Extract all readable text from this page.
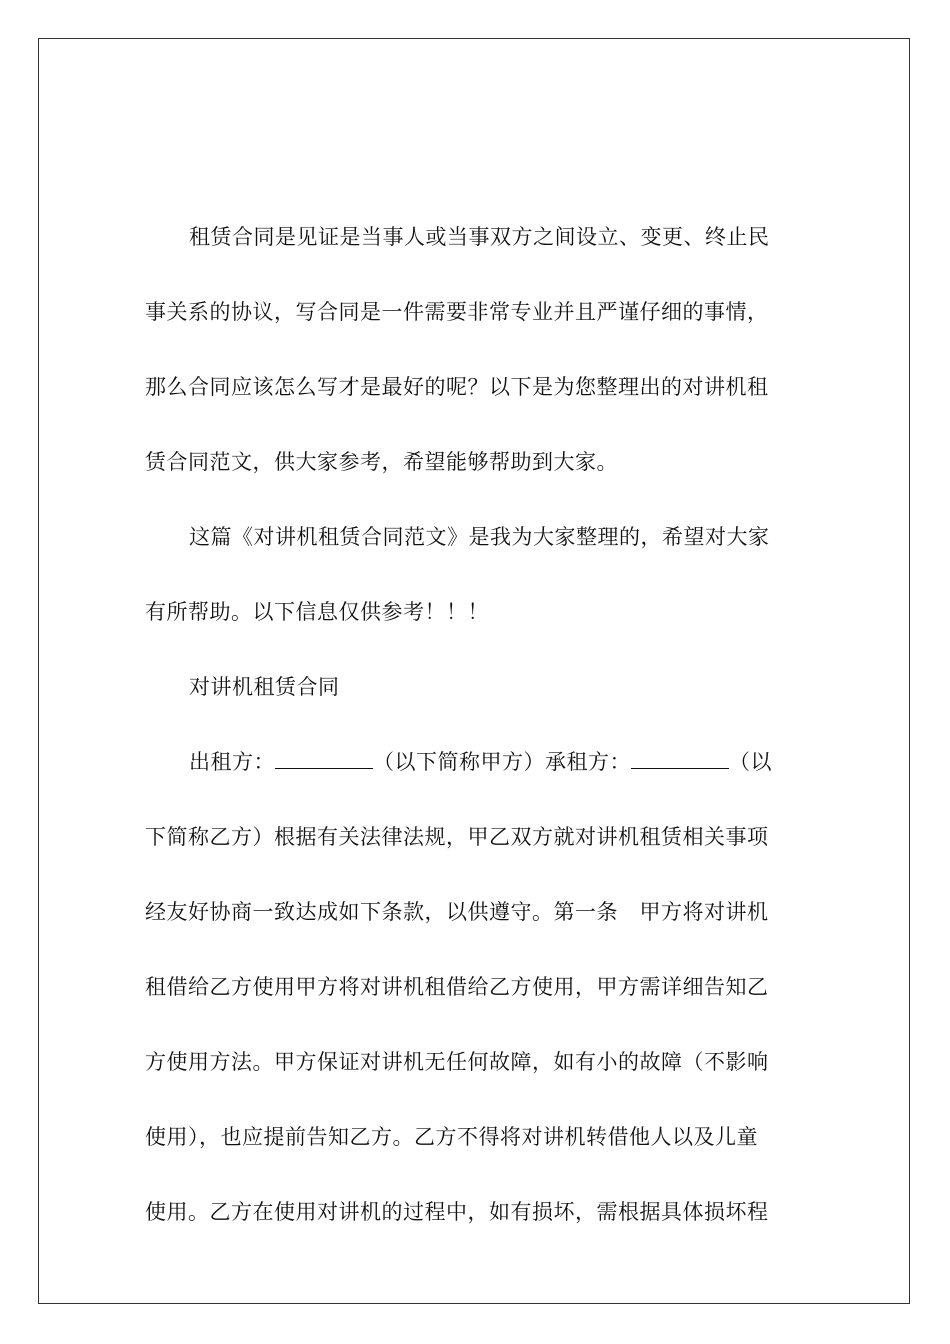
租赁合同是见证是当事人或当事双方之间设立、变更、终止民
事关系的协议，写合同是一件需要非常专业并且严谨仔细的事情，
那么合同应该怎么写才是最好的呢？以下是为您整理出的对讲机租
赁合同范文，供大家参考，希望能够帮助到大家。

这篇《对讲机租赁合同范文》是我为大家整理的，希望对大家
有所帮助。以下信息仅供参考！！！

对讲机租赁合同

出租方：	（以下简称甲方）承租方：	（以
下简称乙方）根据有关法律法规，甲乙双方就对讲机租赁相关事项
经友好协商一致达成如下条款，以供遵守。第一条　甲方将对讲机
租借给乙方使用甲方将对讲机租借给乙方使用，甲方需详细告知乙
方使用方法。甲方保证对讲机无任何故障，如有小的故障（不影响
使用），也应提前告知乙方。乙方不得将对讲机转借他人以及儿童
使用。乙方在使用对讲机的过程中，如有损坏，需根据具体损坏程
